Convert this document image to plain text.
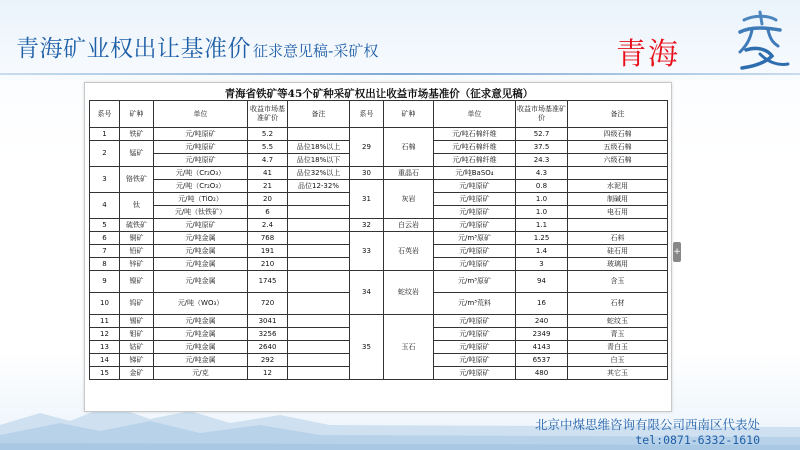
青海矿业权出让基准价 征求意见稿-采矿权	青海
青海省铁矿等45个矿种采矿权出让收益市场基准价（征求意见稿）
系号	矿种	单位	收益市场基准矿价	备注	系号	矿种	单位	收益市场基准矿价	备注
1	铁矿	元/吨原矿	5.2		29	石棉	元/吨石棉纤维	52.7	四级石棉
2	锰矿	元/吨原矿	5.5	品位18%以上			元/吨石棉纤维	37.5	五级石棉
		元/吨原矿	4.7	品位18%以下			元/吨石棉纤维	24.3	六级石棉
3	铬铁矿	元/吨（Cr₂O₃）	41	品位32%以上	30	重晶石	元/吨BaSO₄	4.3	
		元/吨（Cr₂O₃）	21	品位12-32%	31	灰岩	元/吨原矿	0.8	水泥用
4	钛	元/吨（TiO₂）	20				元/吨原矿	1.0	制碱用
		元/吨（钛铁矿）	6				元/吨原矿	1.0	电石用
5	硫铁矿	元/吨原矿	2.4		32	白云岩	元/吨原矿	1.1	
6	铜矿	元/吨金属	768		33	石英岩	元/m³原矿	1.25	石料
7	铅矿	元/吨金属	191				元/吨原矿	1.4	硅石用
8	锌矿	元/吨金属	210				元/吨原矿	3	玻璃用
9	镍矿	元/吨金属	1745		34	蛇纹岩	元/m³原矿	94	含玉
10	钨矿	元/吨（WO₃）	720				元/m³荒料	16	石材
11	锡矿	元/吨金属	3041		35	玉石	元/吨原矿	240	蛇纹玉
12	钼矿	元/吨金属	3256				元/吨原矿	2349	青玉
13	钴矿	元/吨金属	2640				元/吨原矿	4143	青白玉
14	锑矿	元/吨金属	292				元/吨原矿	6537	白玉
15	金矿	元/克	12				元/吨原矿	480	其它玉
+
北京中煤思维咨询有限公司西南区代表处
tel:0871-6332-1610
